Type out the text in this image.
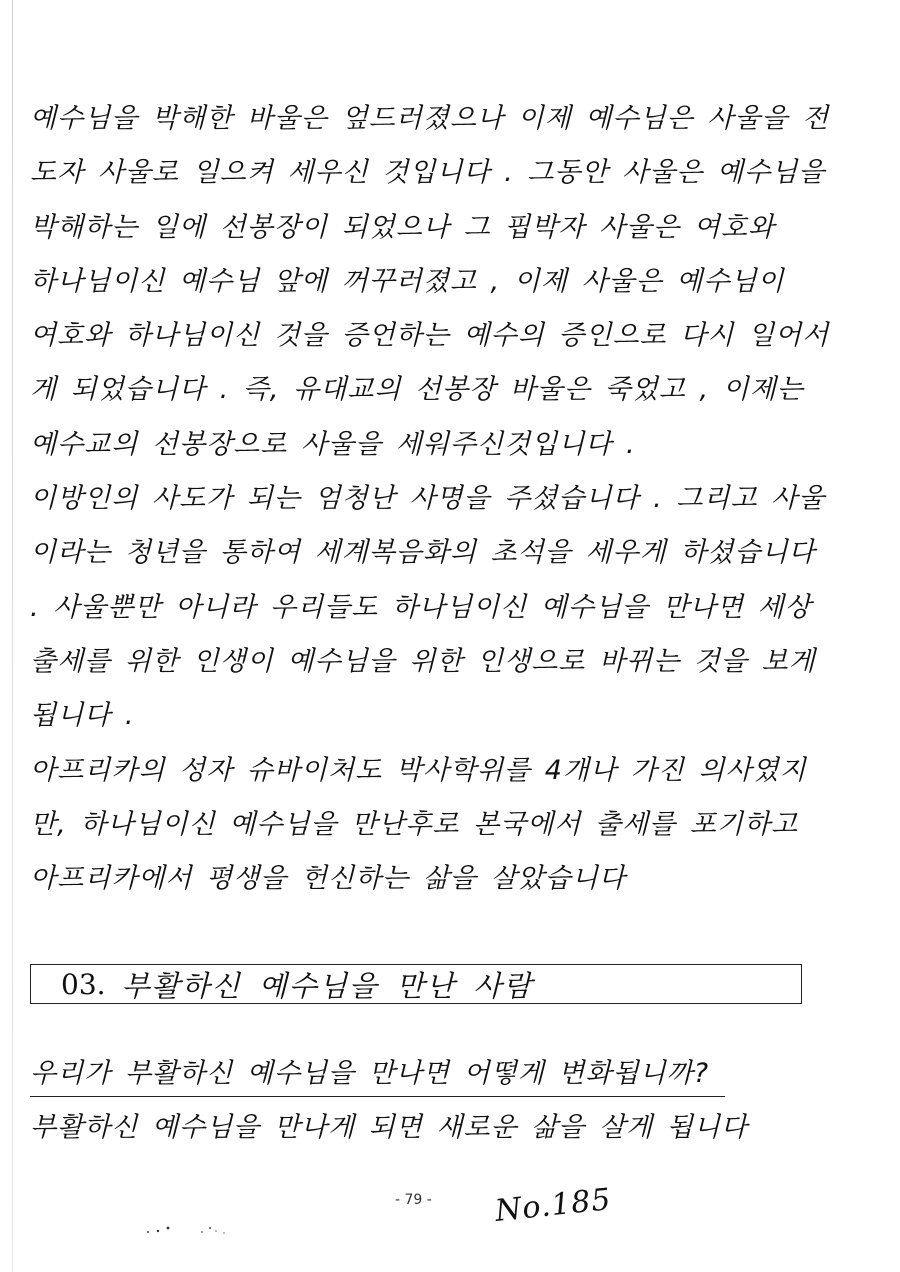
예수님을 박해한 바울은 엎드러졌으나 이제 예수님은 사울을 전
도자 사울로 일으켜 세우신 것입니다 . 그동안 사울은 예수님을
박해하는 일에 선봉장이 되었으나 그 핍박자 사울은 여호와
하나님이신 예수님 앞에 꺼꾸러졌고 , 이제 사울은 예수님이
여호와 하나님이신 것을 증언하는 예수의 증인으로 다시 일어서
게 되었습니다 . 즉, 유대교의 선봉장 바울은 죽었고 , 이제는
예수교의 선봉장으로 사울을 세워주신것입니다 .
이방인의 사도가 되는 엄청난 사명을 주셨습니다 . 그리고 사울
이라는 청년을 통하여 세계복음화의 초석을 세우게 하셨습니다
. 사울뿐만 아니라 우리들도 하나님이신 예수님을 만나면 세상
출세를 위한 인생이 예수님을 위한 인생으로 바뀌는 것을 보게
됩니다 .
아프리카의 성자 슈바이처도 박사학위를 4개나 가진 의사였지
만, 하나님이신 예수님을 만난후로 본국에서 출세를 포기하고
아프리카에서 평생을 헌신하는 삶을 살았습니다
03. 부활하신 예수님을 만난 사람
우리가 부활하신 예수님을 만나면 어떻게 변화됩니까?
부활하신 예수님을 만나게 되면 새로운 삶을 살게 됩니다
- 79 - No.185
